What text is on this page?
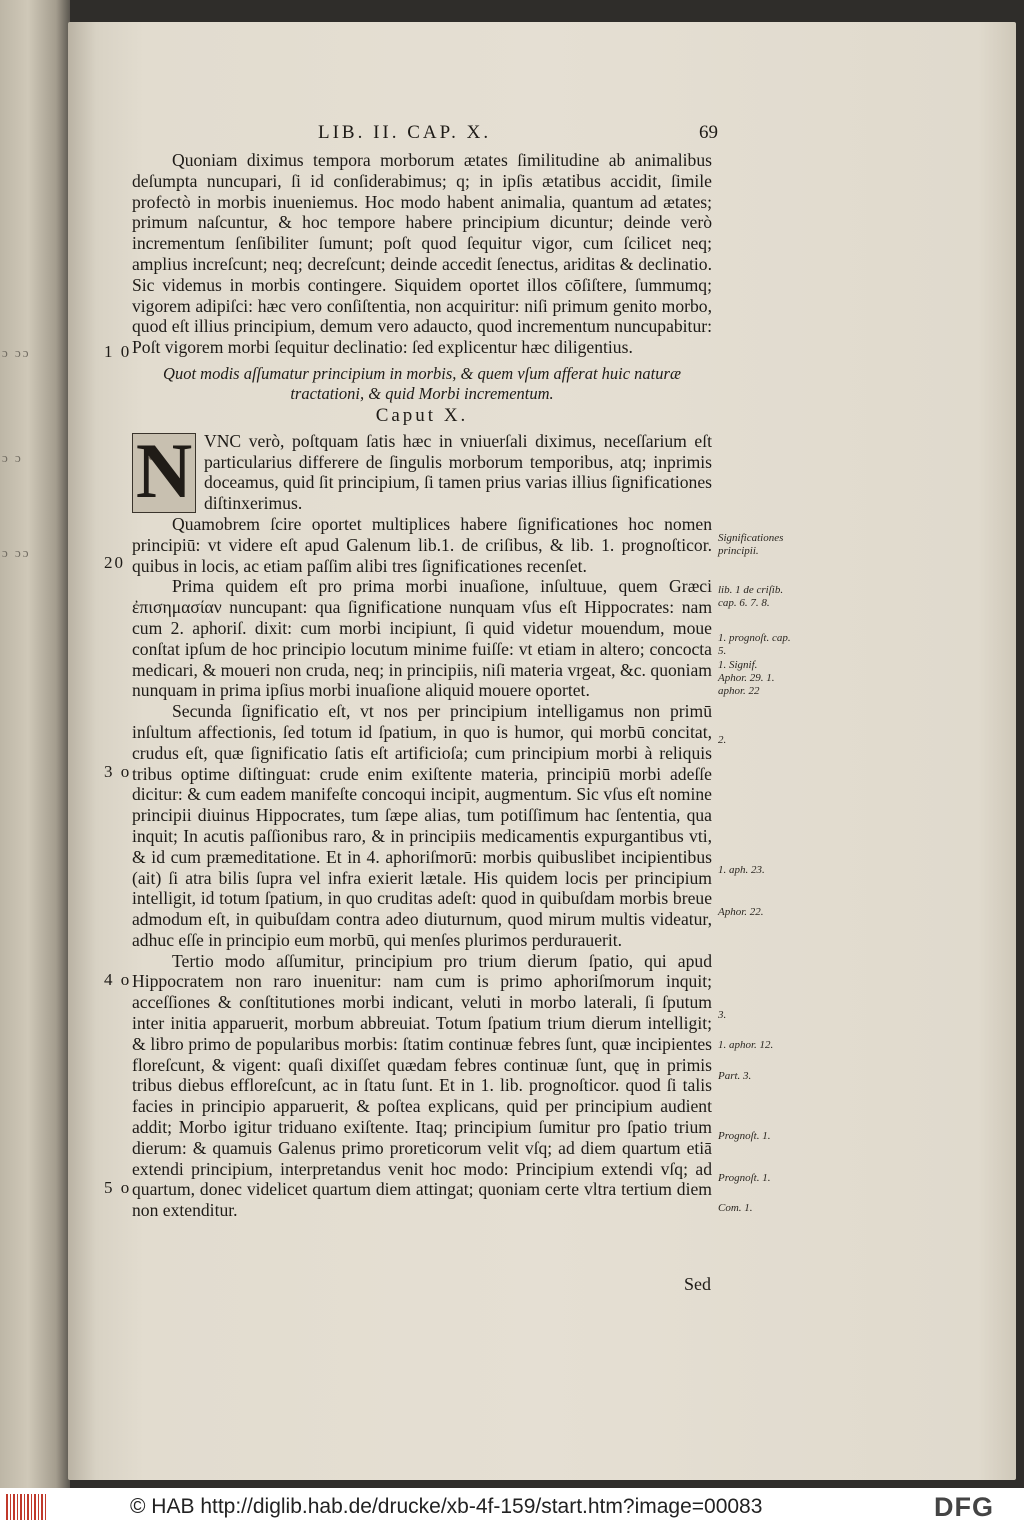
ɔ ɔɔ
ɔ ɔ
ɔ ɔɔ
LIB. II. CAP. X.	69
1 0
20
3 o
4 o
5 o

Quoniam diximus tempora morborum ætates ſimilitudine ab animalibus deſumpta nuncupari, ſi id conſiderabimus; q; in ipſis ætatibus accidit, ſimile profectò in morbis inueniemus. Hoc modo habent animalia, quantum ad ætates; primum naſcuntur, & hoc tempore habere principium dicuntur; deinde verò incrementum ſenſibiliter ſumunt; poſt quod ſequitur vigor, cum ſcilicet neq; amplius increſcunt; neq; decreſcunt; deinde accedit ſenectus, ariditas & declinatio. Sic videmus in morbis contingere. Siquidem oportet illos cōſiſtere, ſummumq; vigorem adipiſci: hæc vero conſiſtentia, non acquiritur: niſi primum genito morbo, quod eſt illius principium, demum vero adaucto, quod incrementum nuncupabitur: Poſt vigorem morbi ſequitur declinatio: ſed explicentur hæc diligentius.

Quot modis aſſumatur principium in morbis, & quem vſum afferat huic naturæ tractationi, & quid Morbi incrementum.
Caput X.
N VNC verò, poſtquam ſatis hæc in vniuerſali diximus, neceſſarium eſt particularius differere de ſingulis morborum temporibus, atq; inprimis doceamus, quid ſit principium, ſi tamen prius varias illius ſignificationes diſtinxerimus.

Quamobrem ſcire oportet multiplices habere ſignificationes hoc nomen principiū: vt videre eſt apud Galenum lib.1. de criſibus, & lib. 1. prognoſticor. quibus in locis, ac etiam paſſim alibi tres ſignificationes recenſet.

Prima quidem eſt pro prima morbi inuaſione, inſultuue, quem Græci ἐπισημασίαν nuncupant: qua ſignificatione nunquam vſus eſt Hippocrates: nam cum 2. aphoriſ. dixit: cum morbi incipiunt, ſi quid videtur mouendum, moue conſtat ipſum de hoc principio locutum minime fuiſſe: vt etiam in altero; concocta medicari, & moueri non cruda, neq; in principiis, niſi materia vrgeat, &c. quoniam nunquam in prima ipſius morbi inuaſione aliquid mouere oportet.

Secunda ſignificatio eſt, vt nos per principium intelligamus non primū inſultum affectionis, ſed totum id ſpatium, in quo is humor, qui morbū concitat, crudus eſt, quæ ſignificatio ſatis eſt artificioſa; cum principium morbi à reliquis tribus optime diſtinguat: crude enim exiſtente materia, principiū morbi adeſſe dicitur: & cum eadem manifeſte concoqui incipit, augmentum. Sic vſus eſt nomine principii diuinus Hippocrates, tum ſæpe alias, tum potiſſimum hac ſententia, qua inquit; In acutis paſſionibus raro, & in principiis medicamentis expurgantibus vti, & id cum præmeditatione. Et in 4. aphoriſmorū: morbis quibuslibet incipientibus (ait) ſi atra bilis ſupra vel infra exierit lætale. His quidem locis per principium intelligit, id totum ſpatium, in quo cruditas adeſt: quod in quibuſdam morbis breue admodum eſt, in quibuſdam contra adeo diuturnum, quod mirum multis videatur, adhuc eſſe in principio eum morbū, qui menſes plurimos perdurauerit.

Tertio modo aſſumitur, principium pro trium dierum ſpatio, qui apud Hippocratem non raro inuenitur: nam cum is primo aphoriſmorum inquit; acceſſiones & conſtitutiones morbi indicant, veluti in morbo laterali, ſi ſputum inter initia apparuerit, morbum abbreuiat. Totum ſpatium trium dierum intelligit; & libro primo de popularibus morbis: ſtatim continuæ febres ſunt, quæ incipientes floreſcunt, & vigent: quaſi dixiſſet quædam febres continuæ ſunt, quę in primis tribus diebus effloreſcunt, ac in ſtatu ſunt. Et in 1. lib. prognoſticor. quod ſi talis facies in principio apparuerit, & poſtea explicans, quid per principium audient addit; Morbo igitur triduano exiſtente. Itaq; principium ſumitur pro ſpatio trium dierum: & quamuis Galenus primo proreticorum velit vſq; ad diem quartum etiā extendi principium, interpretandus venit hoc modo: Principium extendi vſq; ad quartum, donec videlicet quartum diem attingat; quoniam certe vltra tertium diem non extenditur.

Significationes principii.
lib. 1 de criſib. cap. 6. 7. 8.
1. prognoſt. cap. 5.
1. Signif.
Aphor. 29. 1. aphor. 22
2.
1. aph. 23.
Aphor. 22.
3.
1. aphor. 12.
Part. 3.
Prognoſt. 1.
Prognoſt. 1.
Com. 1.
Sed
© HAB http://diglib.hab.de/drucke/xb-4f-159/start.htm?image=00083	DFG
